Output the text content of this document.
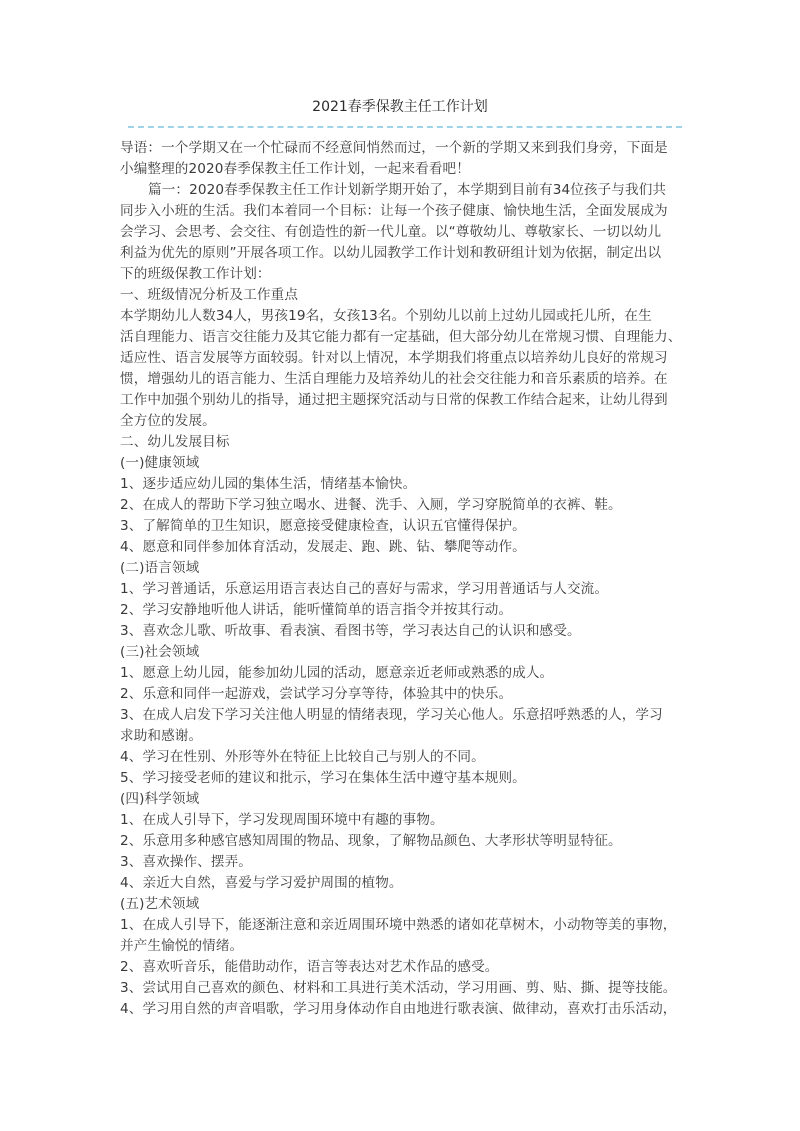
2021春季保教主任工作计划
导语：一个学期又在一个忙碌而不经意间悄然而过，一个新的学期又来到我们身旁，下面是
小编整理的2020春季保教主任工作计划，一起来看看吧！
篇一：2020春季保教主任工作计划新学期开始了，本学期到目前有34位孩子与我们共
同步入小班的生活。我们本着同一个目标：让每一个孩子健康、愉快地生活，全面发展成为
会学习、会思考、会交往、有创造性的新一代儿童。以“尊敬幼儿、尊敬家长、一切以幼儿
利益为优先的原则”开展各项工作。以幼儿园教学工作计划和教研组计划为依据，制定出以
下的班级保教工作计划：
一、班级情况分析及工作重点
本学期幼儿人数34人，男孩19名，女孩13名。个别幼儿以前上过幼儿园或托儿所，在生
活自理能力、语言交往能力及其它能力都有一定基础，但大部分幼儿在常规习惯、自理能力、
适应性、语言发展等方面较弱。针对以上情况，本学期我们将重点以培养幼儿良好的常规习
惯，增强幼儿的语言能力、生活自理能力及培养幼儿的社会交往能力和音乐素质的培养。在
工作中加强个别幼儿的指导，通过把主题探究活动与日常的保教工作结合起来，让幼儿得到
全方位的发展。
二、幼儿发展目标
(一)健康领域
1、逐步适应幼儿园的集体生活，情绪基本愉快。
2、在成人的帮助下学习独立喝水、进餐、洗手、入厕，学习穿脱简单的衣裤、鞋。
3、了解简单的卫生知识，愿意接受健康检查，认识五官懂得保护。
4、愿意和同伴参加体育活动，发展走、跑、跳、钻、攀爬等动作。
(二)语言领域
1、学习普通话，乐意运用语言表达自己的喜好与需求，学习用普通话与人交流。
2、学习安静地听他人讲话，能听懂简单的语言指令并按其行动。
3、喜欢念儿歌、听故事、看表演、看图书等，学习表达自己的认识和感受。
(三)社会领域
1、愿意上幼儿园，能参加幼儿园的活动，愿意亲近老师或熟悉的成人。
2、乐意和同伴一起游戏，尝试学习分享等待，体验其中的快乐。
3、在成人启发下学习关注他人明显的情绪表现，学习关心他人。乐意招呼熟悉的人，学习
求助和感谢。
4、学习在性别、外形等外在特征上比较自己与别人的不同。
5、学习接受老师的建议和批示，学习在集体生活中遵守基本规则。
(四)科学领域
1、在成人引导下，学习发现周围环境中有趣的事物。
2、乐意用多种感官感知周围的物品、现象，了解物品颜色、大孝形状等明显特征。
3、喜欢操作、摆弄。
4、亲近大自然，喜爱与学习爱护周围的植物。
(五)艺术领域
1、在成人引导下，能逐渐注意和亲近周围环境中熟悉的诸如花草树木，小动物等美的事物，
并产生愉悦的情绪。
2、喜欢听音乐，能借助动作，语言等表达对艺术作品的感受。
3、尝试用自己喜欢的颜色、材料和工具进行美术活动，学习用画、剪、贴、撕、提等技能。
4、学习用自然的声音唱歌，学习用身体动作自由地进行歌表演、做律动，喜欢打击乐活动，
